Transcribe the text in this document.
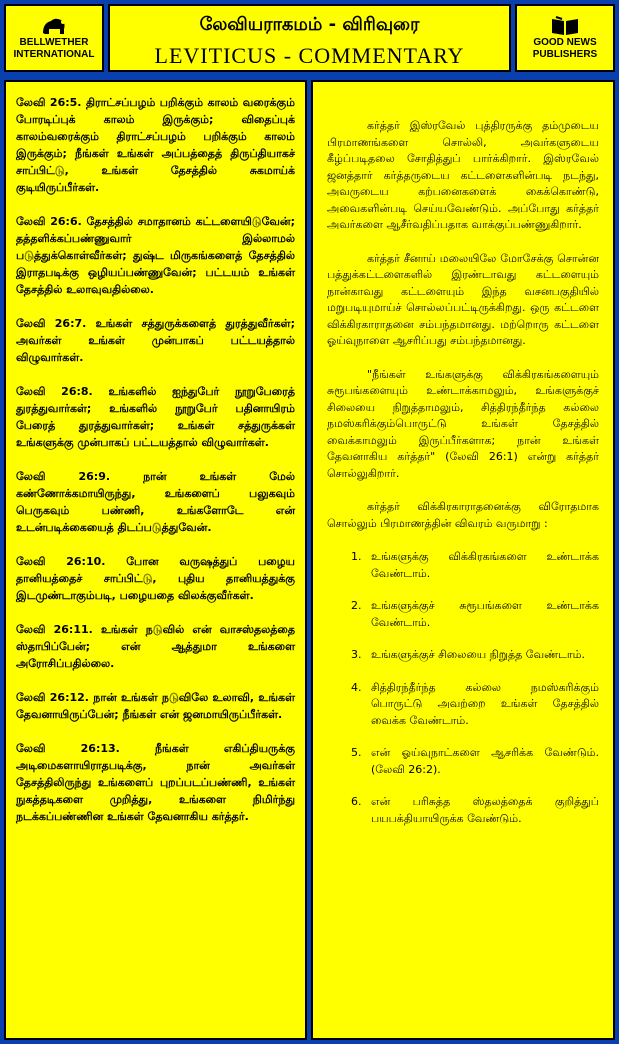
BELLWETHER
INTERNATIONAL
லேவியராகமம் - விரிவுரை
LEVITICUS - COMMENTARY
GOOD NEWS
PUBLISHERS

லேவி 26:5. திராட்சப்பழம் பறிக்கும் காலம் வரைக்கும் போரடிப்புக் காலம் இருக்கும்; விதைப்புக் காலம்வரைக்கும் திராட்சப்பழம் பறிக்கும் காலம் இருக்கும்; நீங்கள் உங்கள் அப்பத்தைத் திருப்தியாகச் சாப்பிட்டு, உங்கள் தேசத்தில் சுகமாய்க் குடியிருப்பீர்கள்.

லேவி 26:6. தேசத்தில் சமாதானம் கட்டளையிடுவேன்; தத்தளிக்கப்பண்ணுவார் இல்லாமல் படுத்துக்கொள்வீர்கள்; துஷ்ட மிருகங்களைத் தேசத்தில் இராதபடிக்கு ஒழியப்பண்ணுவேன்; பட்டயம் உங்கள் தேசத்தில் உலாவுவதில்லை.

லேவி 26:7. உங்கள் சத்துருக்களைத் துரத்துவீர்கள்; அவர்கள் உங்கள் முன்பாகப் பட்டயத்தால் விழுவார்கள்.

லேவி 26:8. உங்களில் ஐந்துபேர் நூறுபேரைத் துரத்துவார்கள்; உங்களில் நூறுபேர் பதினாயிரம் பேரைத் துரத்துவார்கள்; உங்கள் சத்துருக்கள் உங்களுக்கு முன்பாகப் பட்டயத்தால் விழுவார்கள்.

லேவி 26:9. நான் உங்கள் மேல் கண்ணோக்கமாயிருந்து, உங்களைப் பலுகவும் பெருகவும் பண்ணி, உங்களோடே என் உடன்படிக்கையைத் திடப்படுத்துவேன்.

லேவி 26:10. போன வருஷத்துப் பழைய தானியத்தைச் சாப்பிட்டு, புதிய தானியத்துக்கு இடமுண்டாகும்படி, பழையதை விலக்குவீர்கள்.

லேவி 26:11. உங்கள் நடுவில் என் வாசஸ்தலத்தை ஸ்தாபிப்பேன்; என் ஆத்துமா உங்களை அரோசிப்பதில்லை.

லேவி 26:12. நான் உங்கள் நடுவிலே உலாவி, உங்கள் தேவனாயிருப்பேன்; நீங்கள் என் ஜனமாயிருப்பீர்கள்.

லேவி 26:13. நீங்கள் எகிப்தியருக்கு அடிமைகளாயிராதபடிக்கு, நான் அவர்கள் தேசத்திலிருந்து உங்களைப் புறப்படப்பண்ணி, உங்கள் நுகத்தடிகளை முறித்து, உங்களை நிமிர்ந்து நடக்கப்பண்ணின உங்கள் தேவனாகிய கர்த்தர்.

கர்த்தர் இஸ்ரவேல் புத்திரருக்கு தம்முடைய பிரமாணங்களை சொல்லி, அவர்களுடைய கீழ்ப்படிதலை சோதித்துப் பார்க்கிறார். இஸ்ரவேல் ஜனத்தார் கர்த்தருடைய கட்டளைகளின்படி நடந்து, அவருடைய கற்பனைகளைக் கைக்கொண்டு, அவைகளின்படி செய்யவேண்டும். அப்போது கர்த்தர் அவர்களை ஆசீர்வதிப்பதாக வாக்குப்பண்ணுகிறார்.

கர்த்தர் சீனாய் மலையிலே மோசேக்கு சொன்ன பத்துக்கட்டளைகளில் இரண்டாவது கட்டளையும் நான்காவது கட்டளையும் இந்த வசனபகுதியில் மறுபடியுமாய்ச் சொல்லப்பட்டிருக்கிறது. ஒரு கட்டளை விக்கிரகாராதனை சம்பந்தமானது. மற்றொரு கட்டளை ஓய்வுநாளை ஆசரிப்பது சம்பந்தமானது.

"நீங்கள் உங்களுக்கு விக்கிரகங்களையும் சுரூபங்களையும் உண்டாக்காமலும், உங்களுக்குச் சிலையை நிறுத்தாமலும், சித்திரந்தீர்ந்த கல்லை நமஸ்கரிக்கும்பொருட்டு உங்கள் தேசத்தில் வைக்காமலும் இருப்பீர்களாக; நான் உங்கள் தேவனாகிய கர்த்தர்" (லேவி 26:1) என்று கர்த்தர் சொல்லுகிறார்.

கர்த்தர் விக்கிரகாராதனைக்கு விரோதமாக சொல்லும் பிரமாணத்தின் விவரம் வருமாறு :

1. உங்களுக்கு விக்கிரகங்களை உண்டாக்க வேண்டாம்.
2. உங்களுக்குச் சுரூபங்களை உண்டாக்க வேண்டாம்.
3. உங்களுக்குச் சிலையை நிறுத்த வேண்டாம்.
4. சித்திரந்தீர்ந்த கல்லை நமஸ்கரிக்கும் பொருட்டு அவற்றை உங்கள் தேசத்தில் வைக்க வேண்டாம்.
5. என் ஓய்வுநாட்களை ஆசரிக்க வேண்டும். (லேவி 26:2).
6. என் பரிசுத்த ஸ்தலத்தைக் குறித்துப் பயபக்தியாயிருக்க வேண்டும்.
